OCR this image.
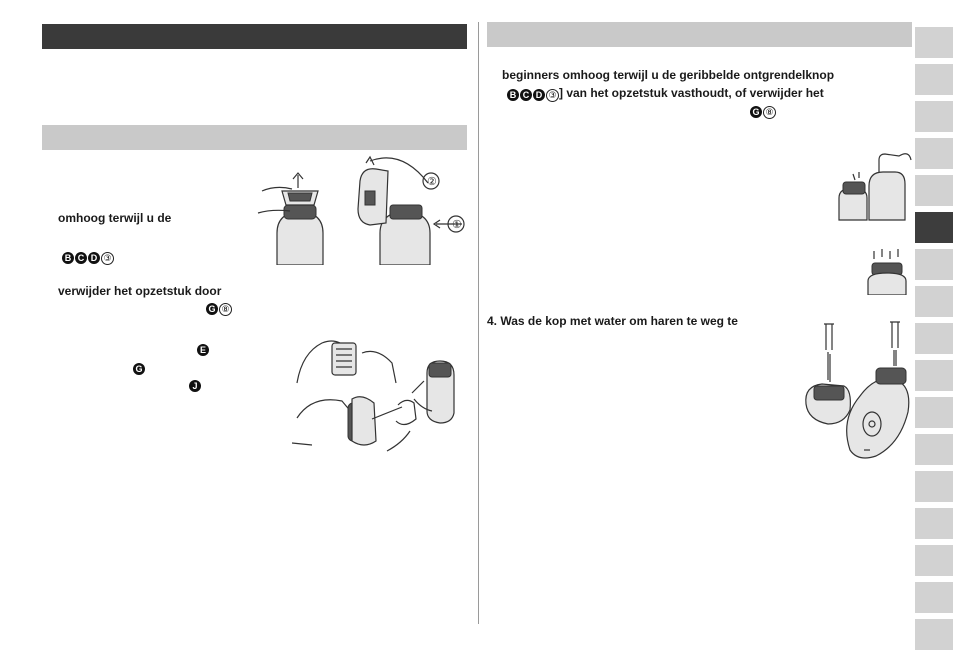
omhoog terwijl u de
B C D ③
verwijder het opzetstuk door
G ⑧
E
G
J
②
①
beginners omhoog terwijl u de geribbelde ontgrendelknop
B C D ③ ] van het opzetstuk vasthoudt, of verwijder het
G ⑧
4. Was de kop met water om haren te weg te
